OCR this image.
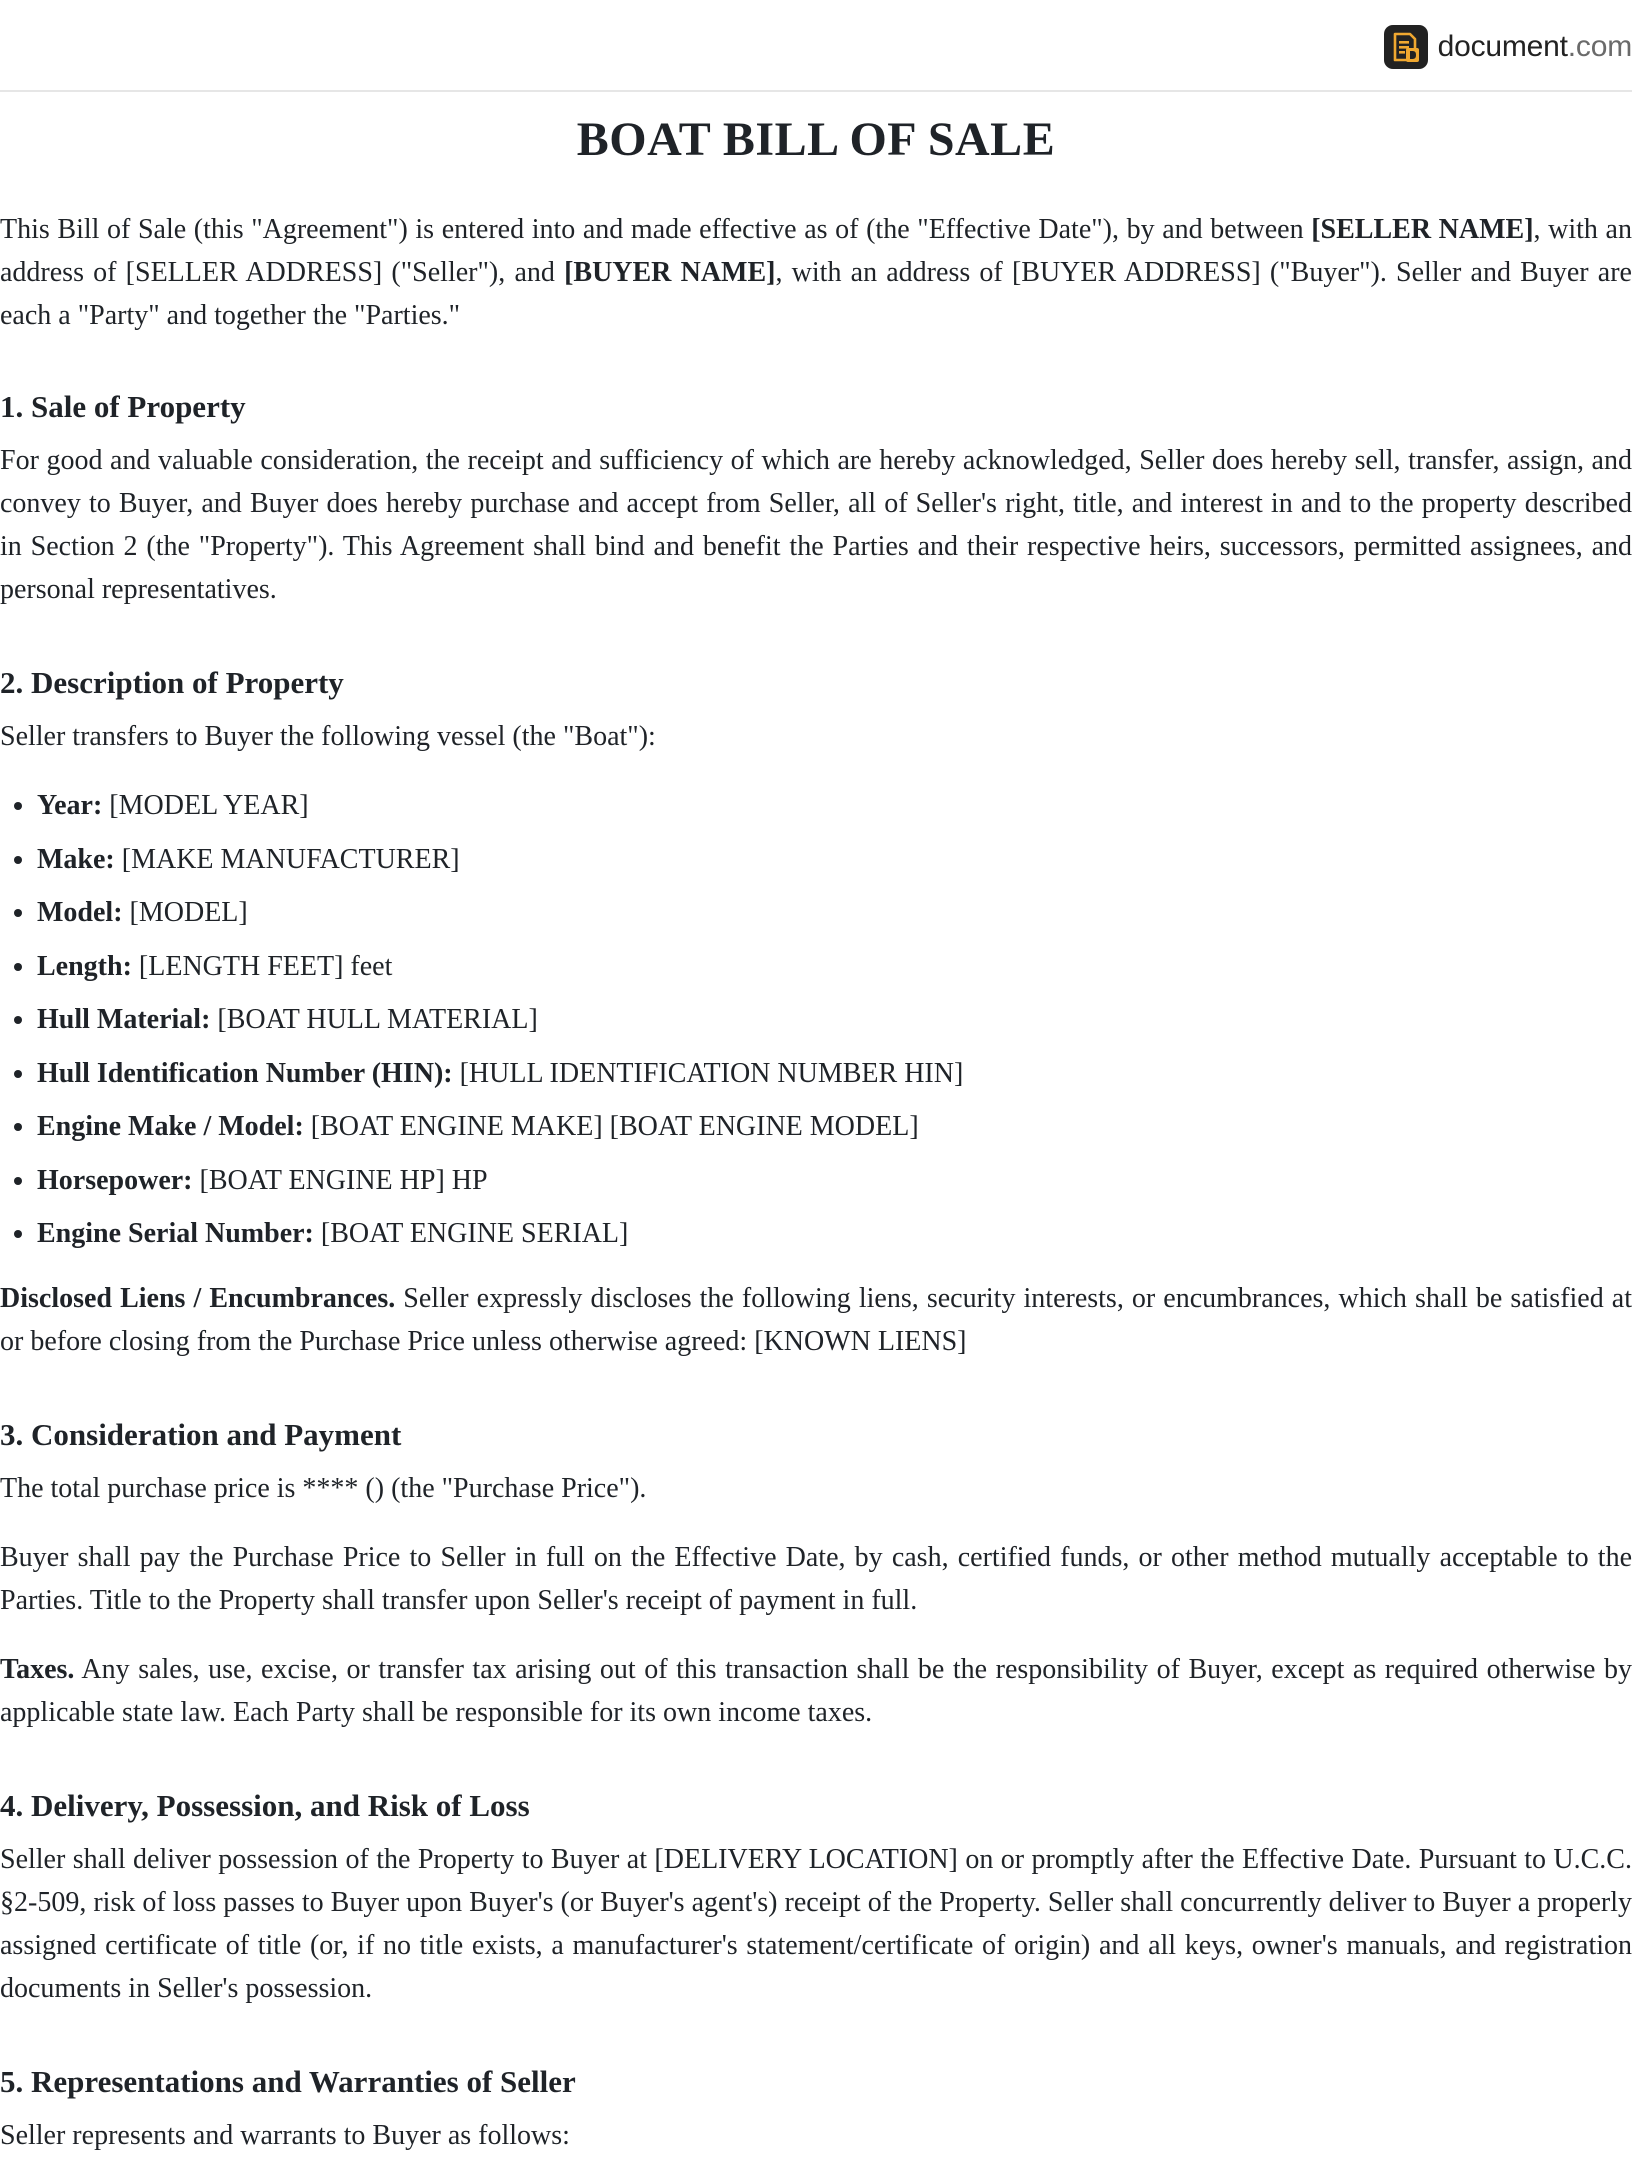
document.com
BOAT BILL OF SALE

This Bill of Sale (this "Agreement") is entered into and made effective as of (the "Effective Date"), by and between [SELLER NAME], with an address of [SELLER ADDRESS] ("Seller"), and [BUYER NAME], with an address of [BUYER ADDRESS] ("Buyer"). Seller and Buyer are each a "Party" and together the "Parties."

1. Sale of Property

For good and valuable consideration, the receipt and sufficiency of which are hereby acknowledged, Seller does hereby sell, transfer, assign, and convey to Buyer, and Buyer does hereby purchase and accept from Seller, all of Seller's right, title, and interest in and to the property described in Section 2 (the "Property"). This Agreement shall bind and benefit the Parties and their respective heirs, successors, permitted assignees, and personal representatives.

2. Description of Property

Seller transfers to Buyer the following vessel (the "Boat"):

• Year: [MODEL YEAR]
• Make: [MAKE MANUFACTURER]
• Model: [MODEL]
• Length: [LENGTH FEET] feet
• Hull Material: [BOAT HULL MATERIAL]
• Hull Identification Number (HIN): [HULL IDENTIFICATION NUMBER HIN]
• Engine Make / Model: [BOAT ENGINE MAKE] [BOAT ENGINE MODEL]
• Horsepower: [BOAT ENGINE HP] HP
• Engine Serial Number: [BOAT ENGINE SERIAL]

Disclosed Liens / Encumbrances. Seller expressly discloses the following liens, security interests, or encumbrances, which shall be satisfied at or before closing from the Purchase Price unless otherwise agreed: [KNOWN LIENS]

3. Consideration and Payment

The total purchase price is **** () (the "Purchase Price").

Buyer shall pay the Purchase Price to Seller in full on the Effective Date, by cash, certified funds, or other method mutually acceptable to the Parties. Title to the Property shall transfer upon Seller's receipt of payment in full.

Taxes. Any sales, use, excise, or transfer tax arising out of this transaction shall be the responsibility of Buyer, except as required otherwise by applicable state law. Each Party shall be responsible for its own income taxes.

4. Delivery, Possession, and Risk of Loss

Seller shall deliver possession of the Property to Buyer at [DELIVERY LOCATION] on or promptly after the Effective Date. Pursuant to U.C.C. §2-509, risk of loss passes to Buyer upon Buyer's (or Buyer's agent's) receipt of the Property. Seller shall concurrently deliver to Buyer a properly assigned certificate of title (or, if no title exists, a manufacturer's statement/certificate of origin) and all keys, owner's manuals, and registration documents in Seller's possession.

5. Representations and Warranties of Seller

Seller represents and warrants to Buyer as follows:
